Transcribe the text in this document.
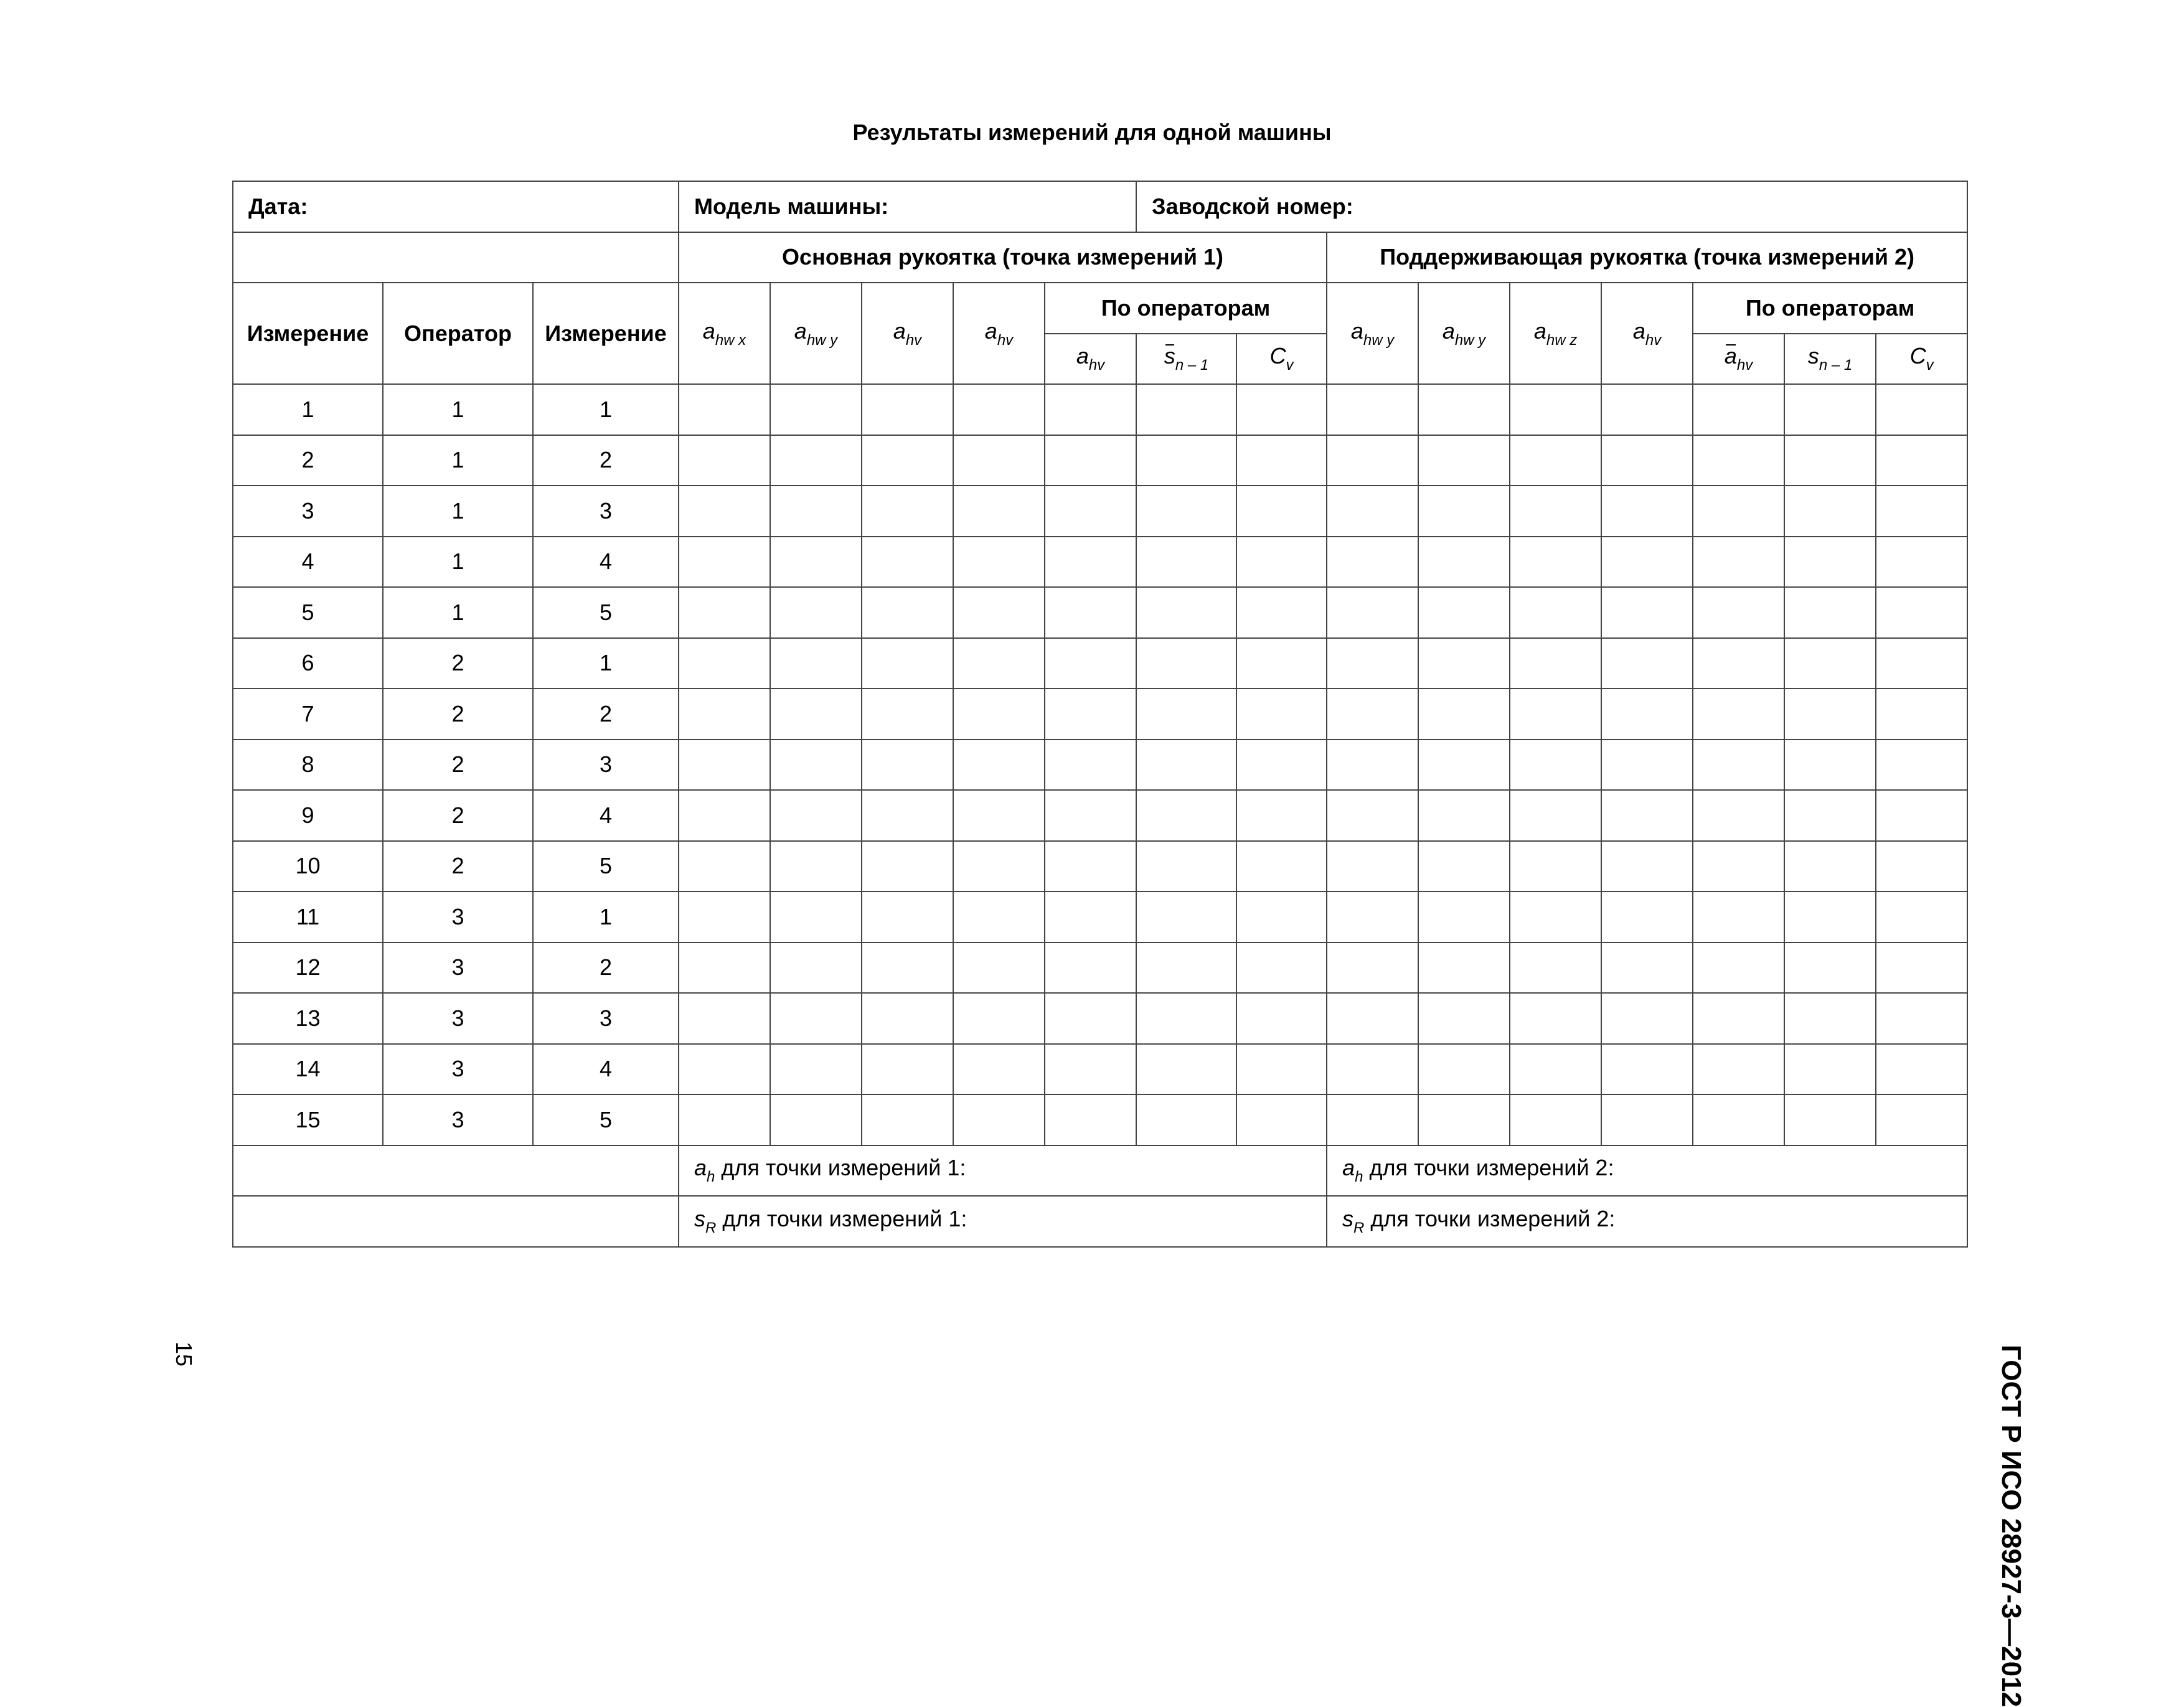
Результаты измерений для одной машины
Дата:			Модель машины:					Заводской номер:								
			Основная рукоятка (точка измерений 1)							Поддерживающая рукоятка (точка измерений 2)						
Измерение	Оператор	Измерение	$a_{hw x}$	$a_{hw y}$	$a_{hv}$	$a_{hv}$	По операторам			$a_{hw y}$	$a_{hw y}$	$a_{hw z}$	$a_{hv}$	По операторам		
							$a_{hv}$	$s_{n - 1}$	$C_v$					$a_{hv}$	$s_{n - 1}$	$C_v$
1	1	1														
2	1	2														
3	1	3														
4	1	4														
5	1	5														
6	2	1														
7	2	2														
8	2	3														
9	2	4														
10	2	5														
11	3	1														
12	3	2														
13	3	3														
14	3	4														
15	3	5														
			$a_h$ для точки измерений 1:							$a_h$ для точки измерений 2:						
			$s_R$ для точки измерений 1:							$s_R$ для точки измерений 2:						
15	ГОСТ Р ИСО 28927-3—2012
